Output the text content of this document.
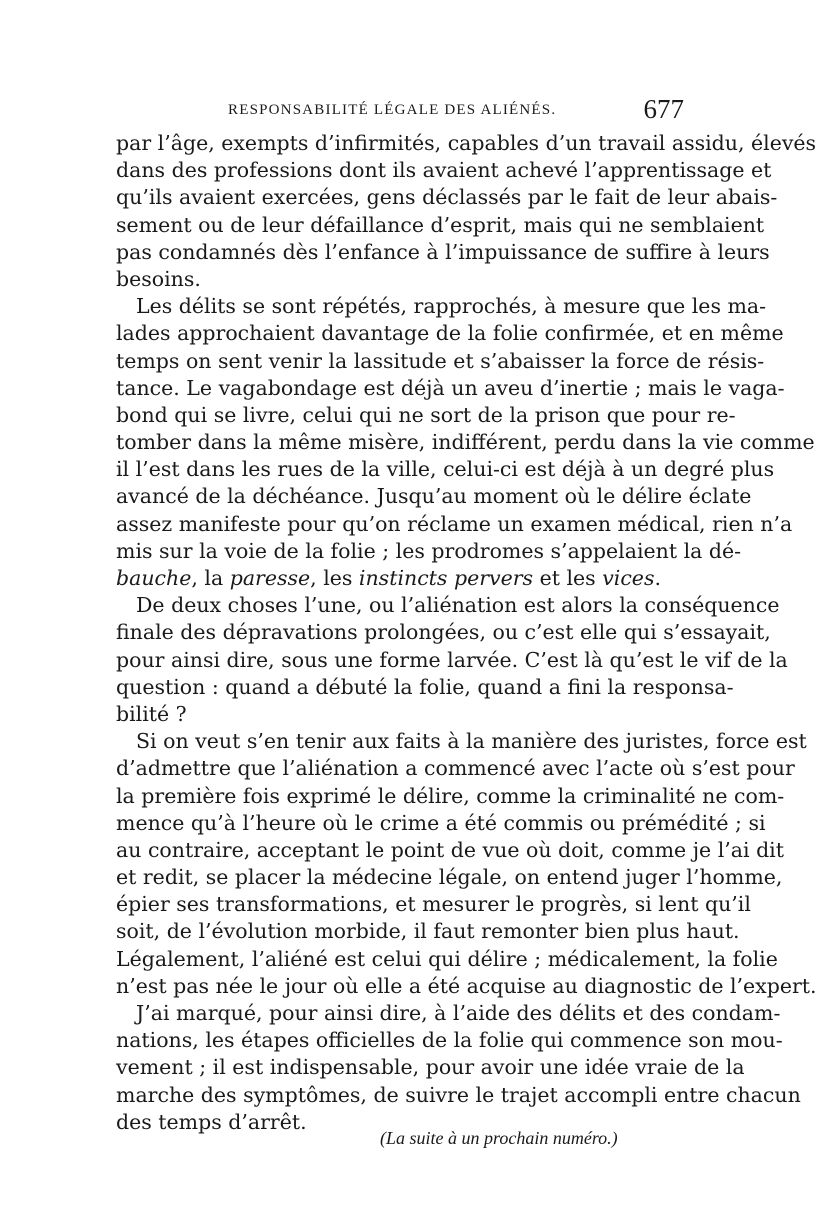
RESPONSABILITÉ LÉGALE DES ALIÉNÉS.	677
par l’âge, exempts d’infirmités, capables d’un travail assidu, élevés
dans des professions dont ils avaient achevé l’apprentissage et
qu’ils avaient exercées, gens déclassés par le fait de leur abais-
sement ou de leur défaillance d’esprit, mais qui ne semblaient
pas condamnés dès l’enfance à l’impuissance de suffire à leurs
besoins.
Les délits se sont répétés, rapprochés, à mesure que les ma-
lades approchaient davantage de la folie confirmée, et en même
temps on sent venir la lassitude et s’abaisser la force de résis-
tance. Le vagabondage est déjà un aveu d’inertie ; mais le vaga-
bond qui se livre, celui qui ne sort de la prison que pour re-
tomber dans la même misère, indifférent, perdu dans la vie comme
il l’est dans les rues de la ville, celui-ci est déjà à un degré plus
avancé de la déchéance. Jusqu’au moment où le délire éclate
assez manifeste pour qu’on réclame un examen médical, rien n’a
mis sur la voie de la folie ; les prodromes s’appelaient la dé-
bauche, la paresse, les instincts pervers et les vices.
De deux choses l’une, ou l’aliénation est alors la conséquence
finale des dépravations prolongées, ou c’est elle qui s’essayait,
pour ainsi dire, sous une forme larvée. C’est là qu’est le vif de la
question : quand a débuté la folie, quand a fini la responsa-
bilité ?
Si on veut s’en tenir aux faits à la manière des juristes, force est
d’admettre que l’aliénation a commencé avec l’acte où s’est pour
la première fois exprimé le délire, comme la criminalité ne com-
mence qu’à l’heure où le crime a été commis ou prémédité ; si
au contraire, acceptant le point de vue où doit, comme je l’ai dit
et redit, se placer la médecine légale, on entend juger l’homme,
épier ses transformations, et mesurer le progrès, si lent qu’il
soit, de l’évolution morbide, il faut remonter bien plus haut.
Légalement, l’aliéné est celui qui délire ; médicalement, la folie
n’est pas née le jour où elle a été acquise au diagnostic de l’expert.
J’ai marqué, pour ainsi dire, à l’aide des délits et des condam-
nations, les étapes officielles de la folie qui commence son mou-
vement ; il est indispensable, pour avoir une idée vraie de la
marche des symptômes, de suivre le trajet accompli entre chacun
des temps d’arrêt.
(La suite à un prochain numéro.)
